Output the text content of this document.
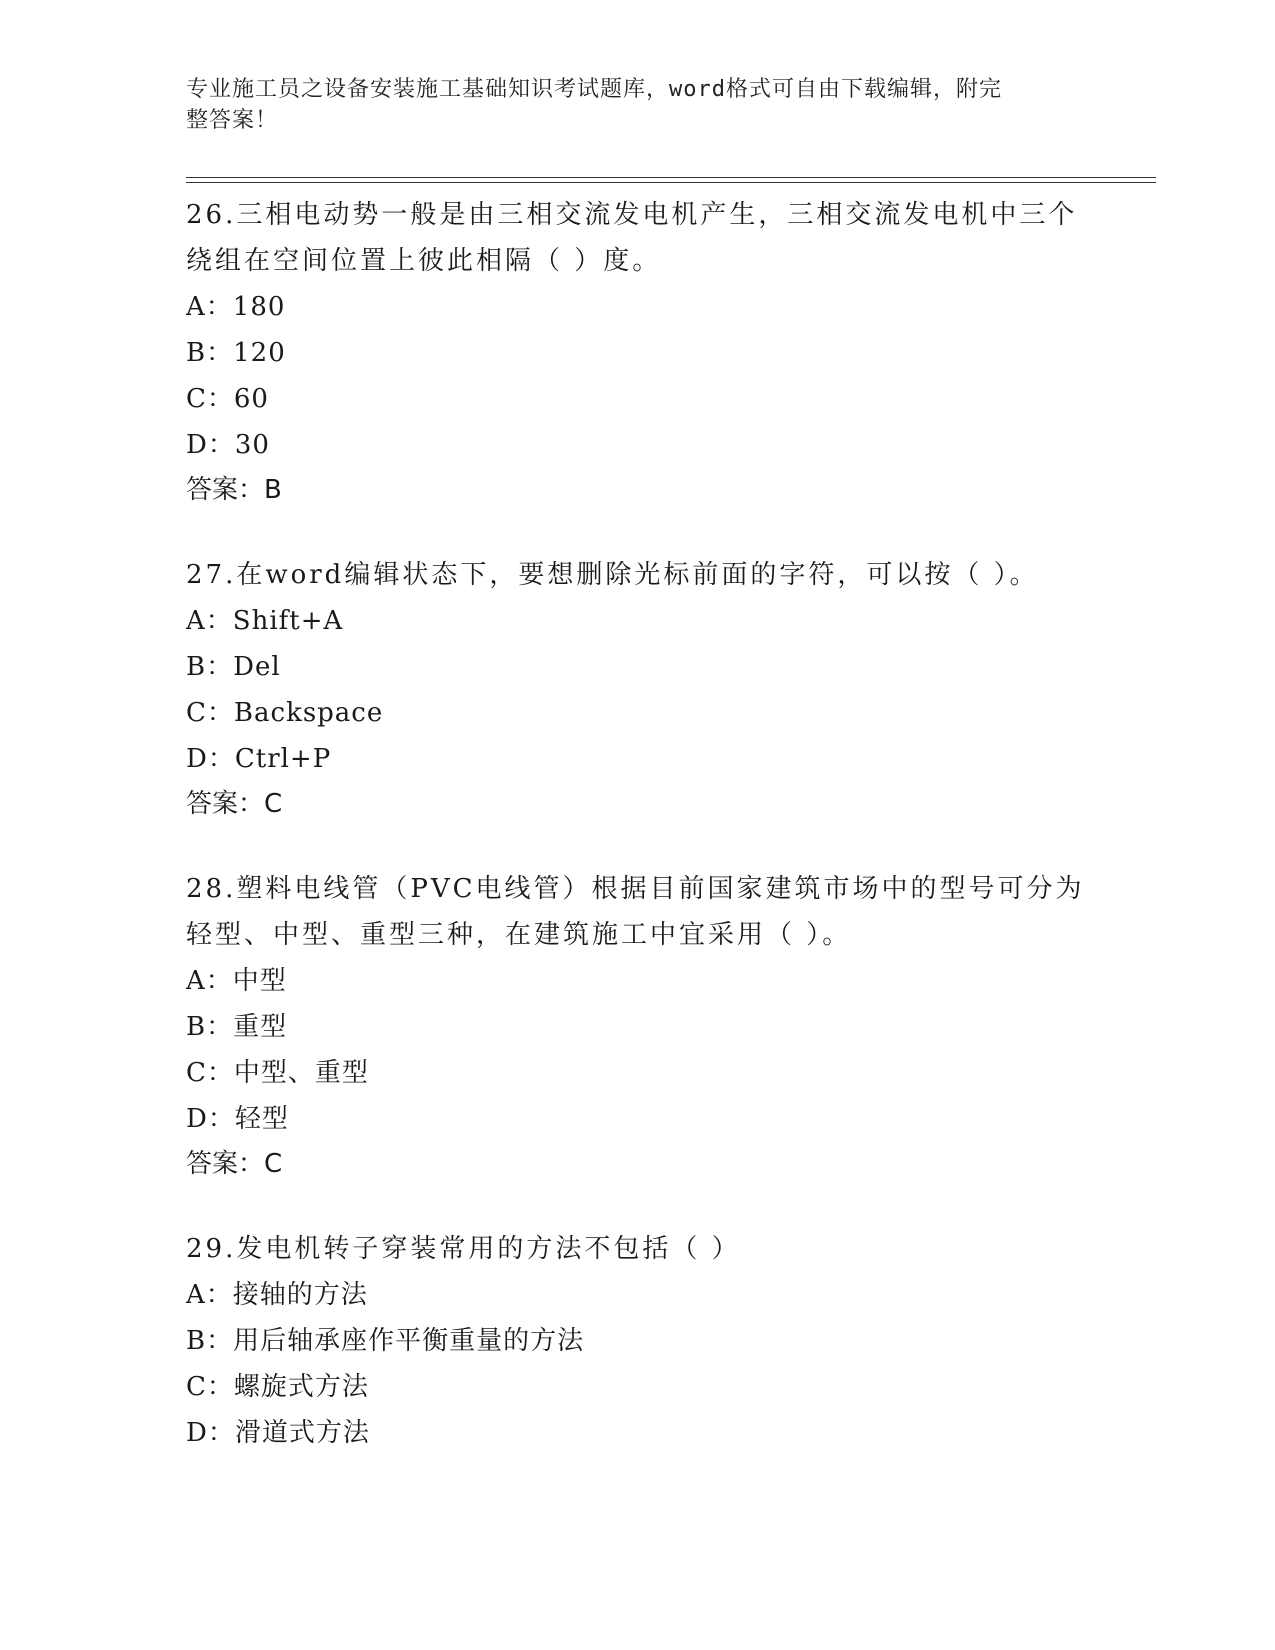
专业施工员之设备安装施工基础知识考试题库，word格式可自由下载编辑，附完
整答案！

26.三相电动势一般是由三相交流发电机产生，三相交流发电机中三个

绕组在空间位置上彼此相隔（ ）度。

A：180

B：120

C：60

D：30

答案：B

27.在word编辑状态下，要想删除光标前面的字符，可以按（ ）。

A：Shift+A

B：Del

C：Backspace

D：Ctrl+P

答案：C

28.塑料电线管（PVC电线管）根据目前国家建筑市场中的型号可分为

轻型、中型、重型三种，在建筑施工中宜采用（ ）。

A：中型

B：重型

C：中型、重型

D：轻型

答案：C

29.发电机转子穿装常用的方法不包括（ ）

A：接轴的方法

B：用后轴承座作平衡重量的方法

C：螺旋式方法

D：滑道式方法
